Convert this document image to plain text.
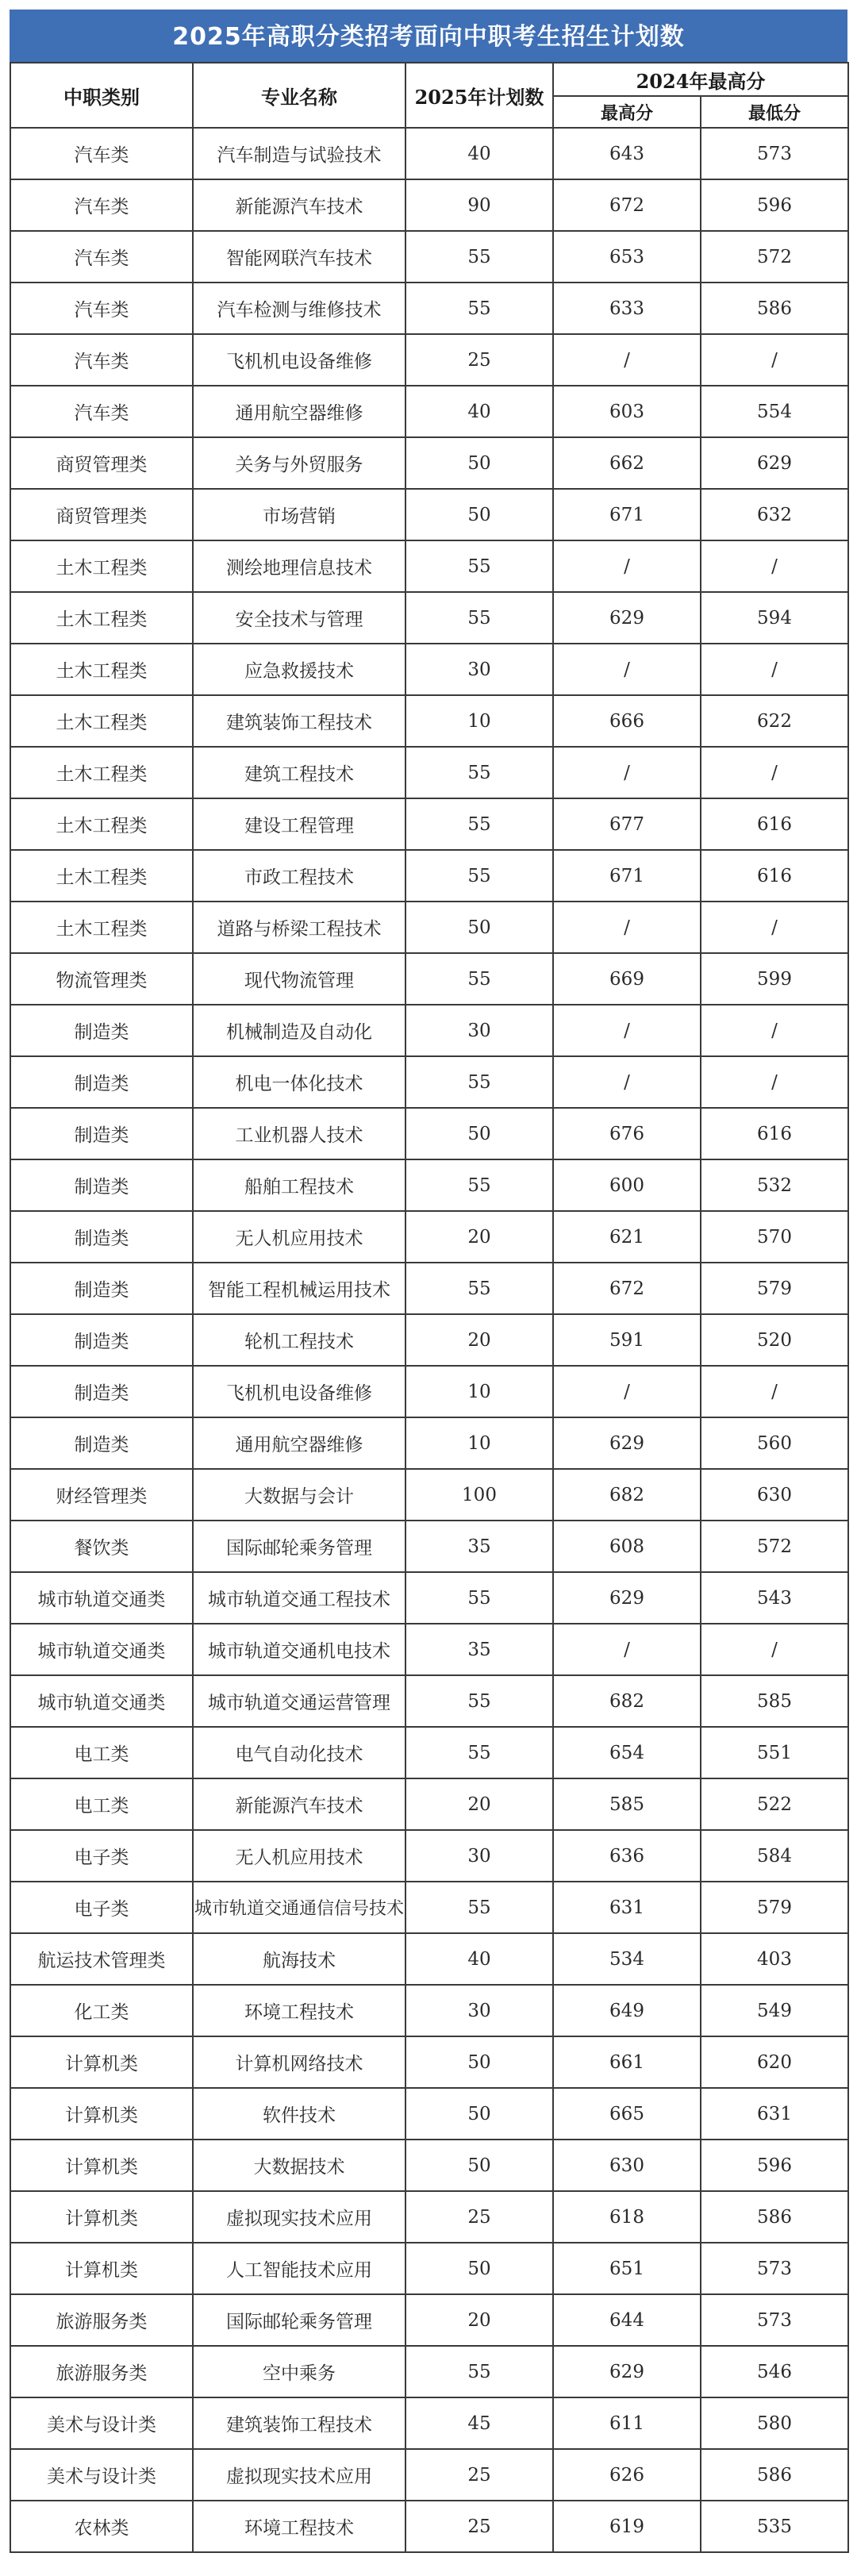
2025年高职分类招考面向中职考生招生计划数
中职类别	专业名称	2025年计划数	2024年最高分	
			最高分	最低分
汽车类	汽车制造与试验技术	40	643	573
汽车类	新能源汽车技术	90	672	596
汽车类	智能网联汽车技术	55	653	572
汽车类	汽车检测与维修技术	55	633	586
汽车类	飞机机电设备维修	25	/	/
汽车类	通用航空器维修	40	603	554
商贸管理类	关务与外贸服务	50	662	629
商贸管理类	市场营销	50	671	632
土木工程类	测绘地理信息技术	55	/	/
土木工程类	安全技术与管理	55	629	594
土木工程类	应急救援技术	30	/	/
土木工程类	建筑装饰工程技术	10	666	622
土木工程类	建筑工程技术	55	/	/
土木工程类	建设工程管理	55	677	616
土木工程类	市政工程技术	55	671	616
土木工程类	道路与桥梁工程技术	50	/	/
物流管理类	现代物流管理	55	669	599
制造类	机械制造及自动化	30	/	/
制造类	机电一体化技术	55	/	/
制造类	工业机器人技术	50	676	616
制造类	船舶工程技术	55	600	532
制造类	无人机应用技术	20	621	570
制造类	智能工程机械运用技术	55	672	579
制造类	轮机工程技术	20	591	520
制造类	飞机机电设备维修	10	/	/
制造类	通用航空器维修	10	629	560
财经管理类	大数据与会计	100	682	630
餐饮类	国际邮轮乘务管理	35	608	572
城市轨道交通类	城市轨道交通工程技术	55	629	543
城市轨道交通类	城市轨道交通机电技术	35	/	/
城市轨道交通类	城市轨道交通运营管理	55	682	585
电工类	电气自动化技术	55	654	551
电工类	新能源汽车技术	20	585	522
电子类	无人机应用技术	30	636	584
电子类	城市轨道交通通信信号技术	55	631	579
航运技术管理类	航海技术	40	534	403
化工类	环境工程技术	30	649	549
计算机类	计算机网络技术	50	661	620
计算机类	软件技术	50	665	631
计算机类	大数据技术	50	630	596
计算机类	虚拟现实技术应用	25	618	586
计算机类	人工智能技术应用	50	651	573
旅游服务类	国际邮轮乘务管理	20	644	573
旅游服务类	空中乘务	55	629	546
美术与设计类	建筑装饰工程技术	45	611	580
美术与设计类	虚拟现实技术应用	25	626	586
农林类	环境工程技术	25	619	535
